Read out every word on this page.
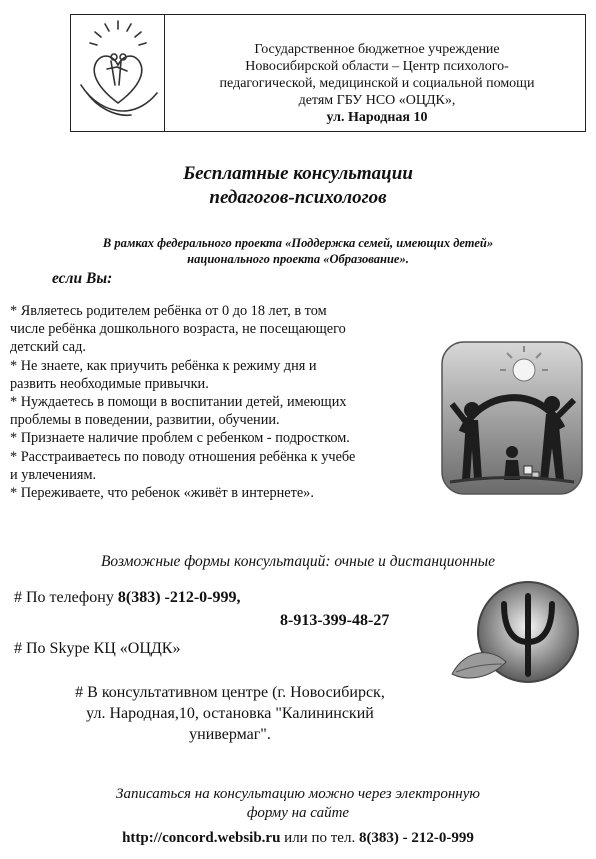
Государственное бюджетное учреждение
Новосибирской области – Центр психолого-
педагогической, медицинской и социальной помощи
детям ГБУ НСО «ОЦДК»,
ул. Народная 10
Бесплатные консультации
педагогов-психологов
В рамках федерального проекта «Поддержка семей, имеющих детей»
национального проекта «Образование».
если Вы:
* Являетесь родителем ребёнка от 0 до 18 лет, в том
числе ребёнка дошкольного возраста, не посещающего
детский сад.
* Не знаете, как приучить ребёнка к режиму дня и
развить необходимые привычки.
* Нуждаетесь в помощи в воспитании детей, имеющих
проблемы в поведении, развитии, обучении.
* Признаете наличие проблем с ребенком - подростком.
* Расстраиваетесь по поводу отношения ребёнка к учебе
и увлечениям.
* Переживаете, что ребенок «живёт в интернете».
Возможные формы консультаций: очные и дистанционные
# По телефону 8(383) -212-0-999,
8-913-399-48-27
# По Skype КЦ «ОЦДК»
# В консультативном центре (г. Новосибирск,
ул. Народная,10, остановка "Калининский
универмаг".
Записаться на консультацию можно через электронную
форму на сайте
http://concord.websib.ru или по тел. 8(383) - 212-0-999
